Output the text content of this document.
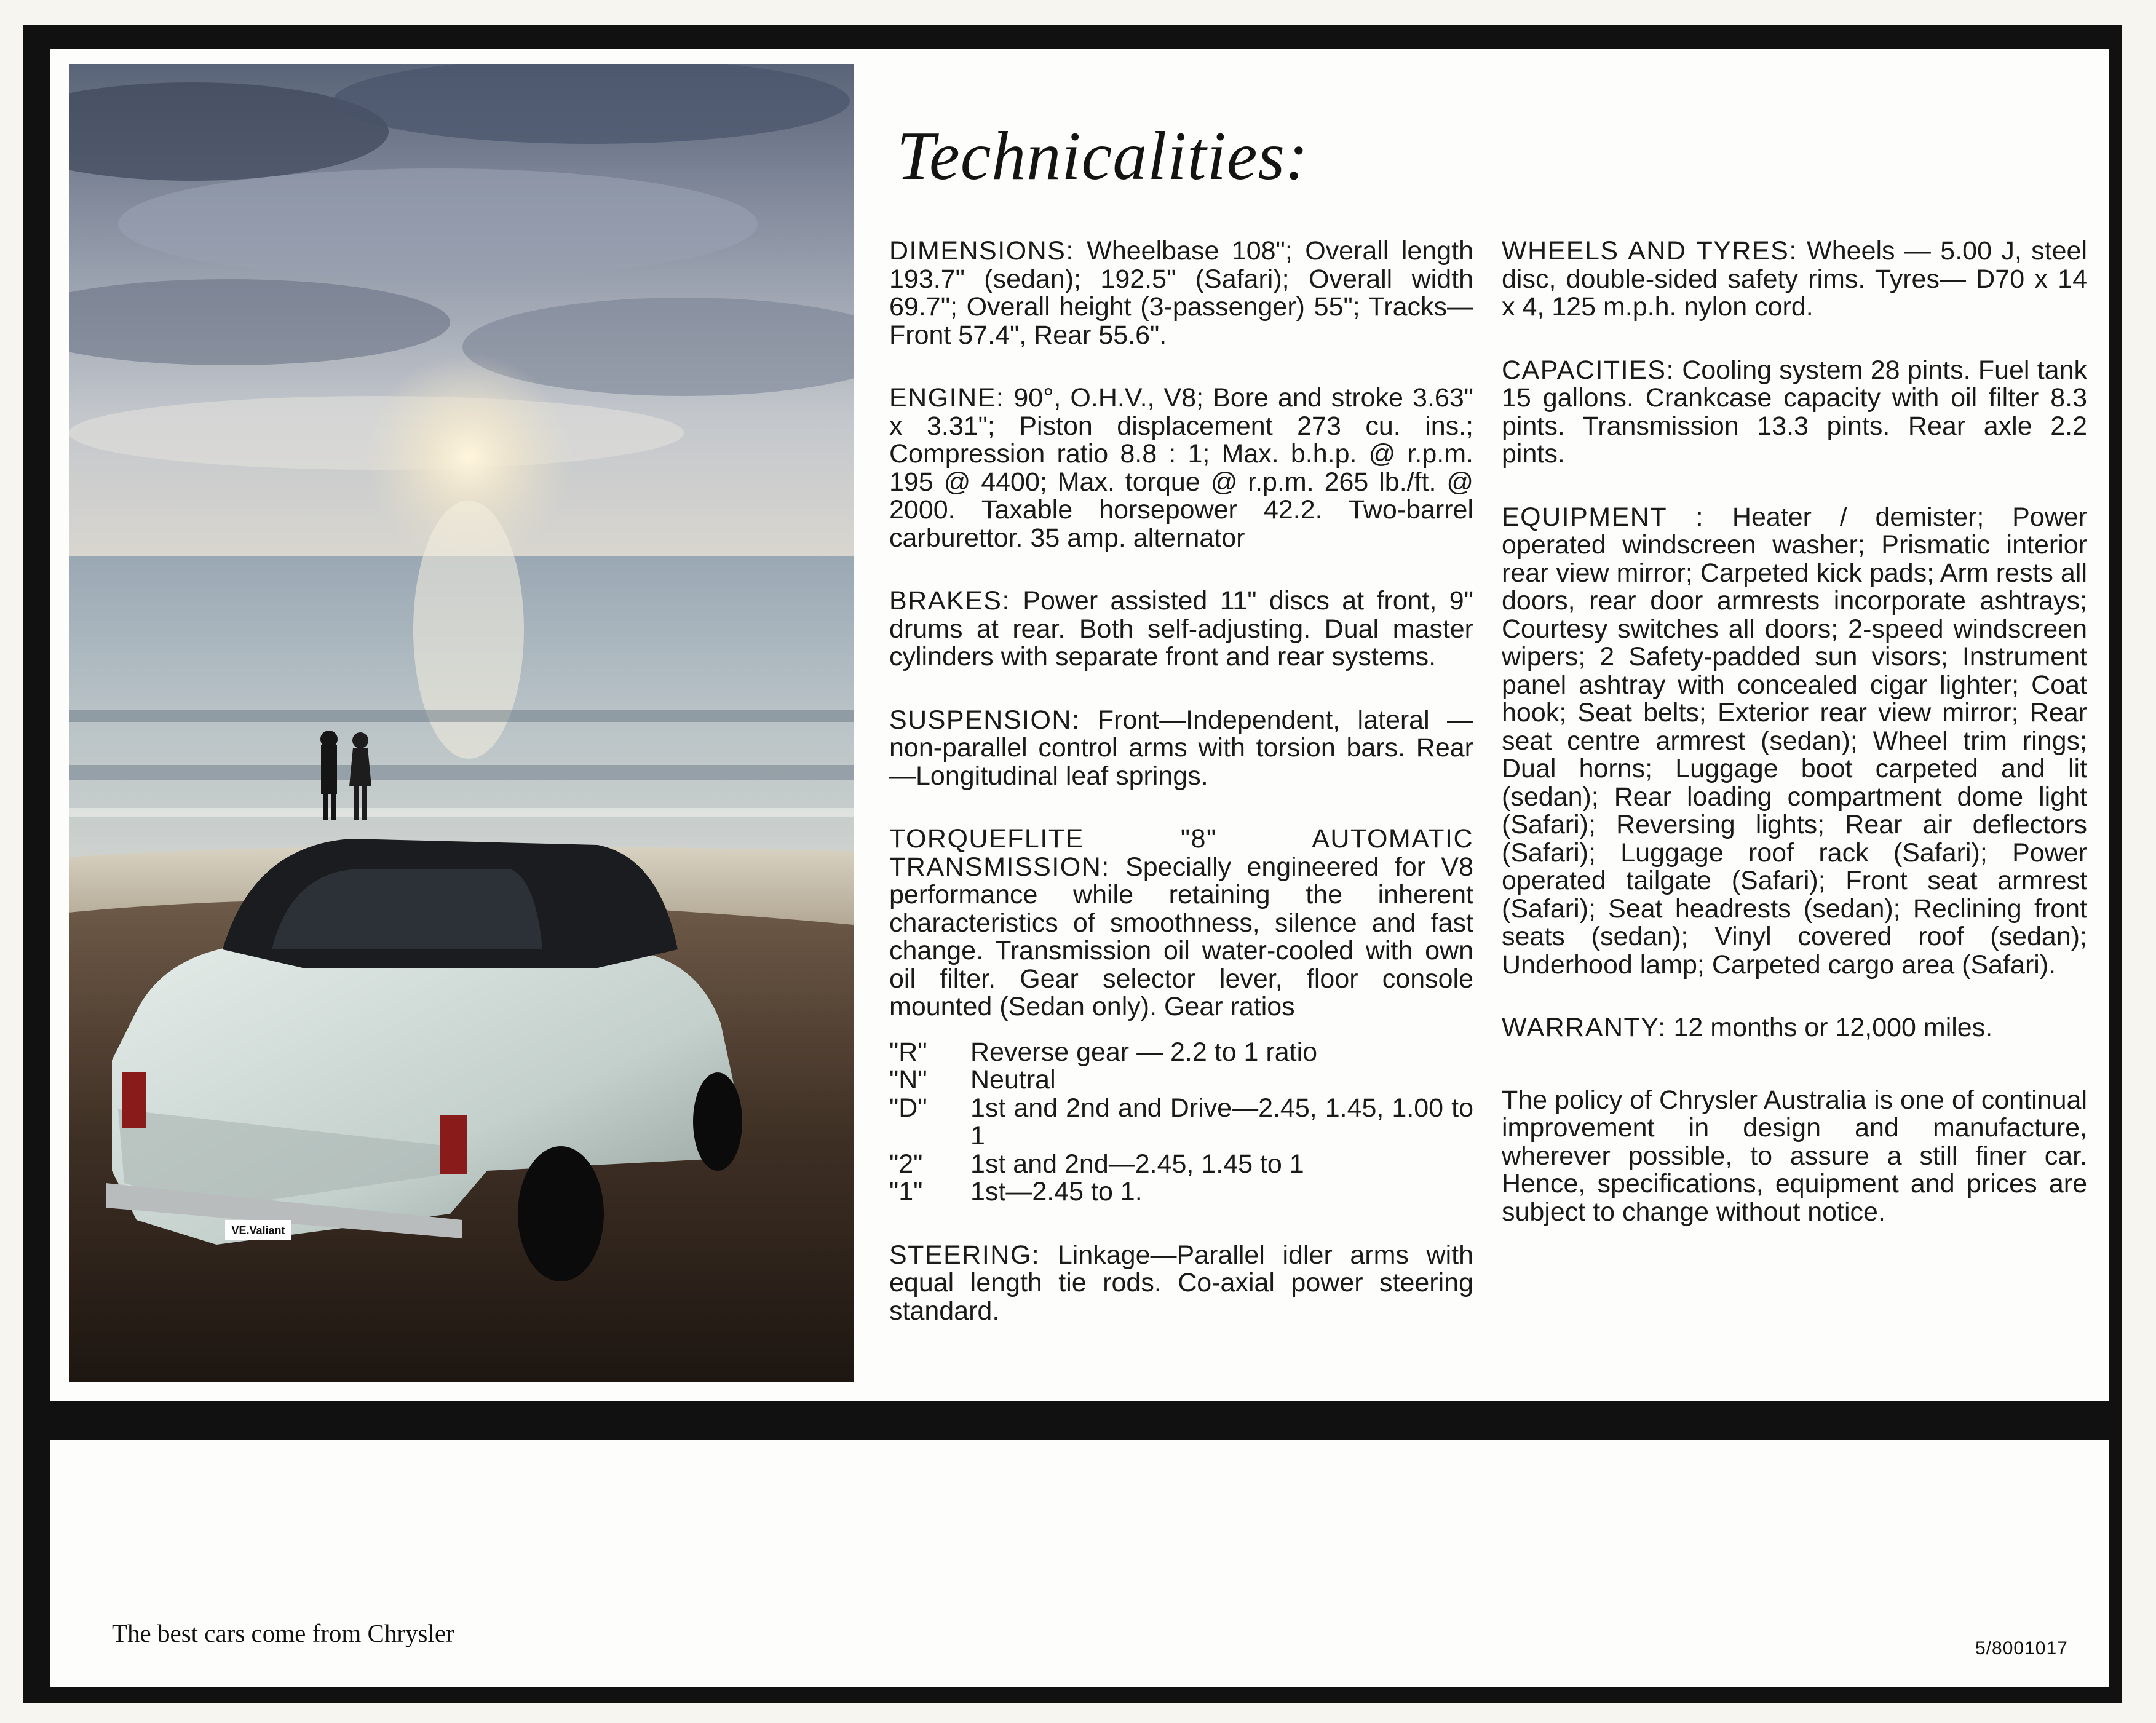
VE.Valiant
Technicalities:

DIMENSIONS: Wheelbase 108"; Overall length 193.7" (sedan); 192.5" (Safari); Overall width 69.7"; Overall height (3-passenger) 55"; Tracks—Front 57.4", Rear 55.6".

ENGINE: 90°, O.H.V., V8; Bore and stroke 3.63" x 3.31"; Piston displacement 273 cu. ins.; Compression ratio 8.8 : 1; Max. b.h.p. @ r.p.m. 195 @ 4400; Max. torque @ r.p.m. 265 lb./ft. @ 2000. Taxable horsepower 42.2. Two-barrel carburettor. 35 amp. alternator

BRAKES: Power assisted 11" discs at front, 9" drums at rear. Both self-adjusting. Dual master cylinders with separate front and rear systems.

SUSPENSION: Front—Independent, lateral —non-parallel control arms with torsion bars. Rear—Longitudinal leaf springs.

TORQUEFLITE "8" AUTOMATIC TRANSMISSION: Specially engineered for V8 performance while retaining the inherent characteristics of smoothness, silence and fast change. Transmission oil water-cooled with own oil filter. Gear selector lever, floor console mounted (Sedan only). Gear ratios

"R"	Reverse gear — 2.2 to 1 ratio
"N"	Neutral
"D"	1st and 2nd and Drive—2.45, 1.45, 1.00 to 1
"2"	1st and 2nd—2.45, 1.45 to 1
"1"	1st—2.45 to 1.

STEERING: Linkage—Parallel idler arms with equal length tie rods. Co-axial power steering standard.

WHEELS AND TYRES: Wheels — 5.00 J, steel disc, double-sided safety rims. Tyres— D70 x 14 x 4, 125 m.p.h. nylon cord.

CAPACITIES: Cooling system 28 pints. Fuel tank 15 gallons. Crankcase capacity with oil filter 8.3 pints. Transmission 13.3 pints. Rear axle 2.2 pints.

EQUIPMENT : Heater / demister; Power operated windscreen washer; Prismatic interior rear view mirror; Carpeted kick pads; Arm rests all doors, rear door armrests incorporate ashtrays; Courtesy switches all doors; 2-speed windscreen wipers; 2 Safety-padded sun visors; Instrument panel ashtray with concealed cigar lighter; Coat hook; Seat belts; Exterior rear view mirror; Rear seat centre armrest (sedan); Wheel trim rings; Dual horns; Luggage boot carpeted and lit (sedan); Rear loading compartment dome light (Safari); Reversing lights; Rear air deflectors (Safari); Luggage roof rack (Safari); Power operated tailgate (Safari); Front seat armrest (Safari); Seat headrests (sedan); Reclining front seats (sedan); Vinyl covered roof (sedan); Underhood lamp; Carpeted cargo area (Safari).

WARRANTY: 12 months or 12,000 miles.

The policy of Chrysler Australia is one of continual improvement in design and manufacture, wherever possible, to assure a still finer car. Hence, specifications, equipment and prices are subject to change without notice.

The best cars come from Chrysler
5/8001017
